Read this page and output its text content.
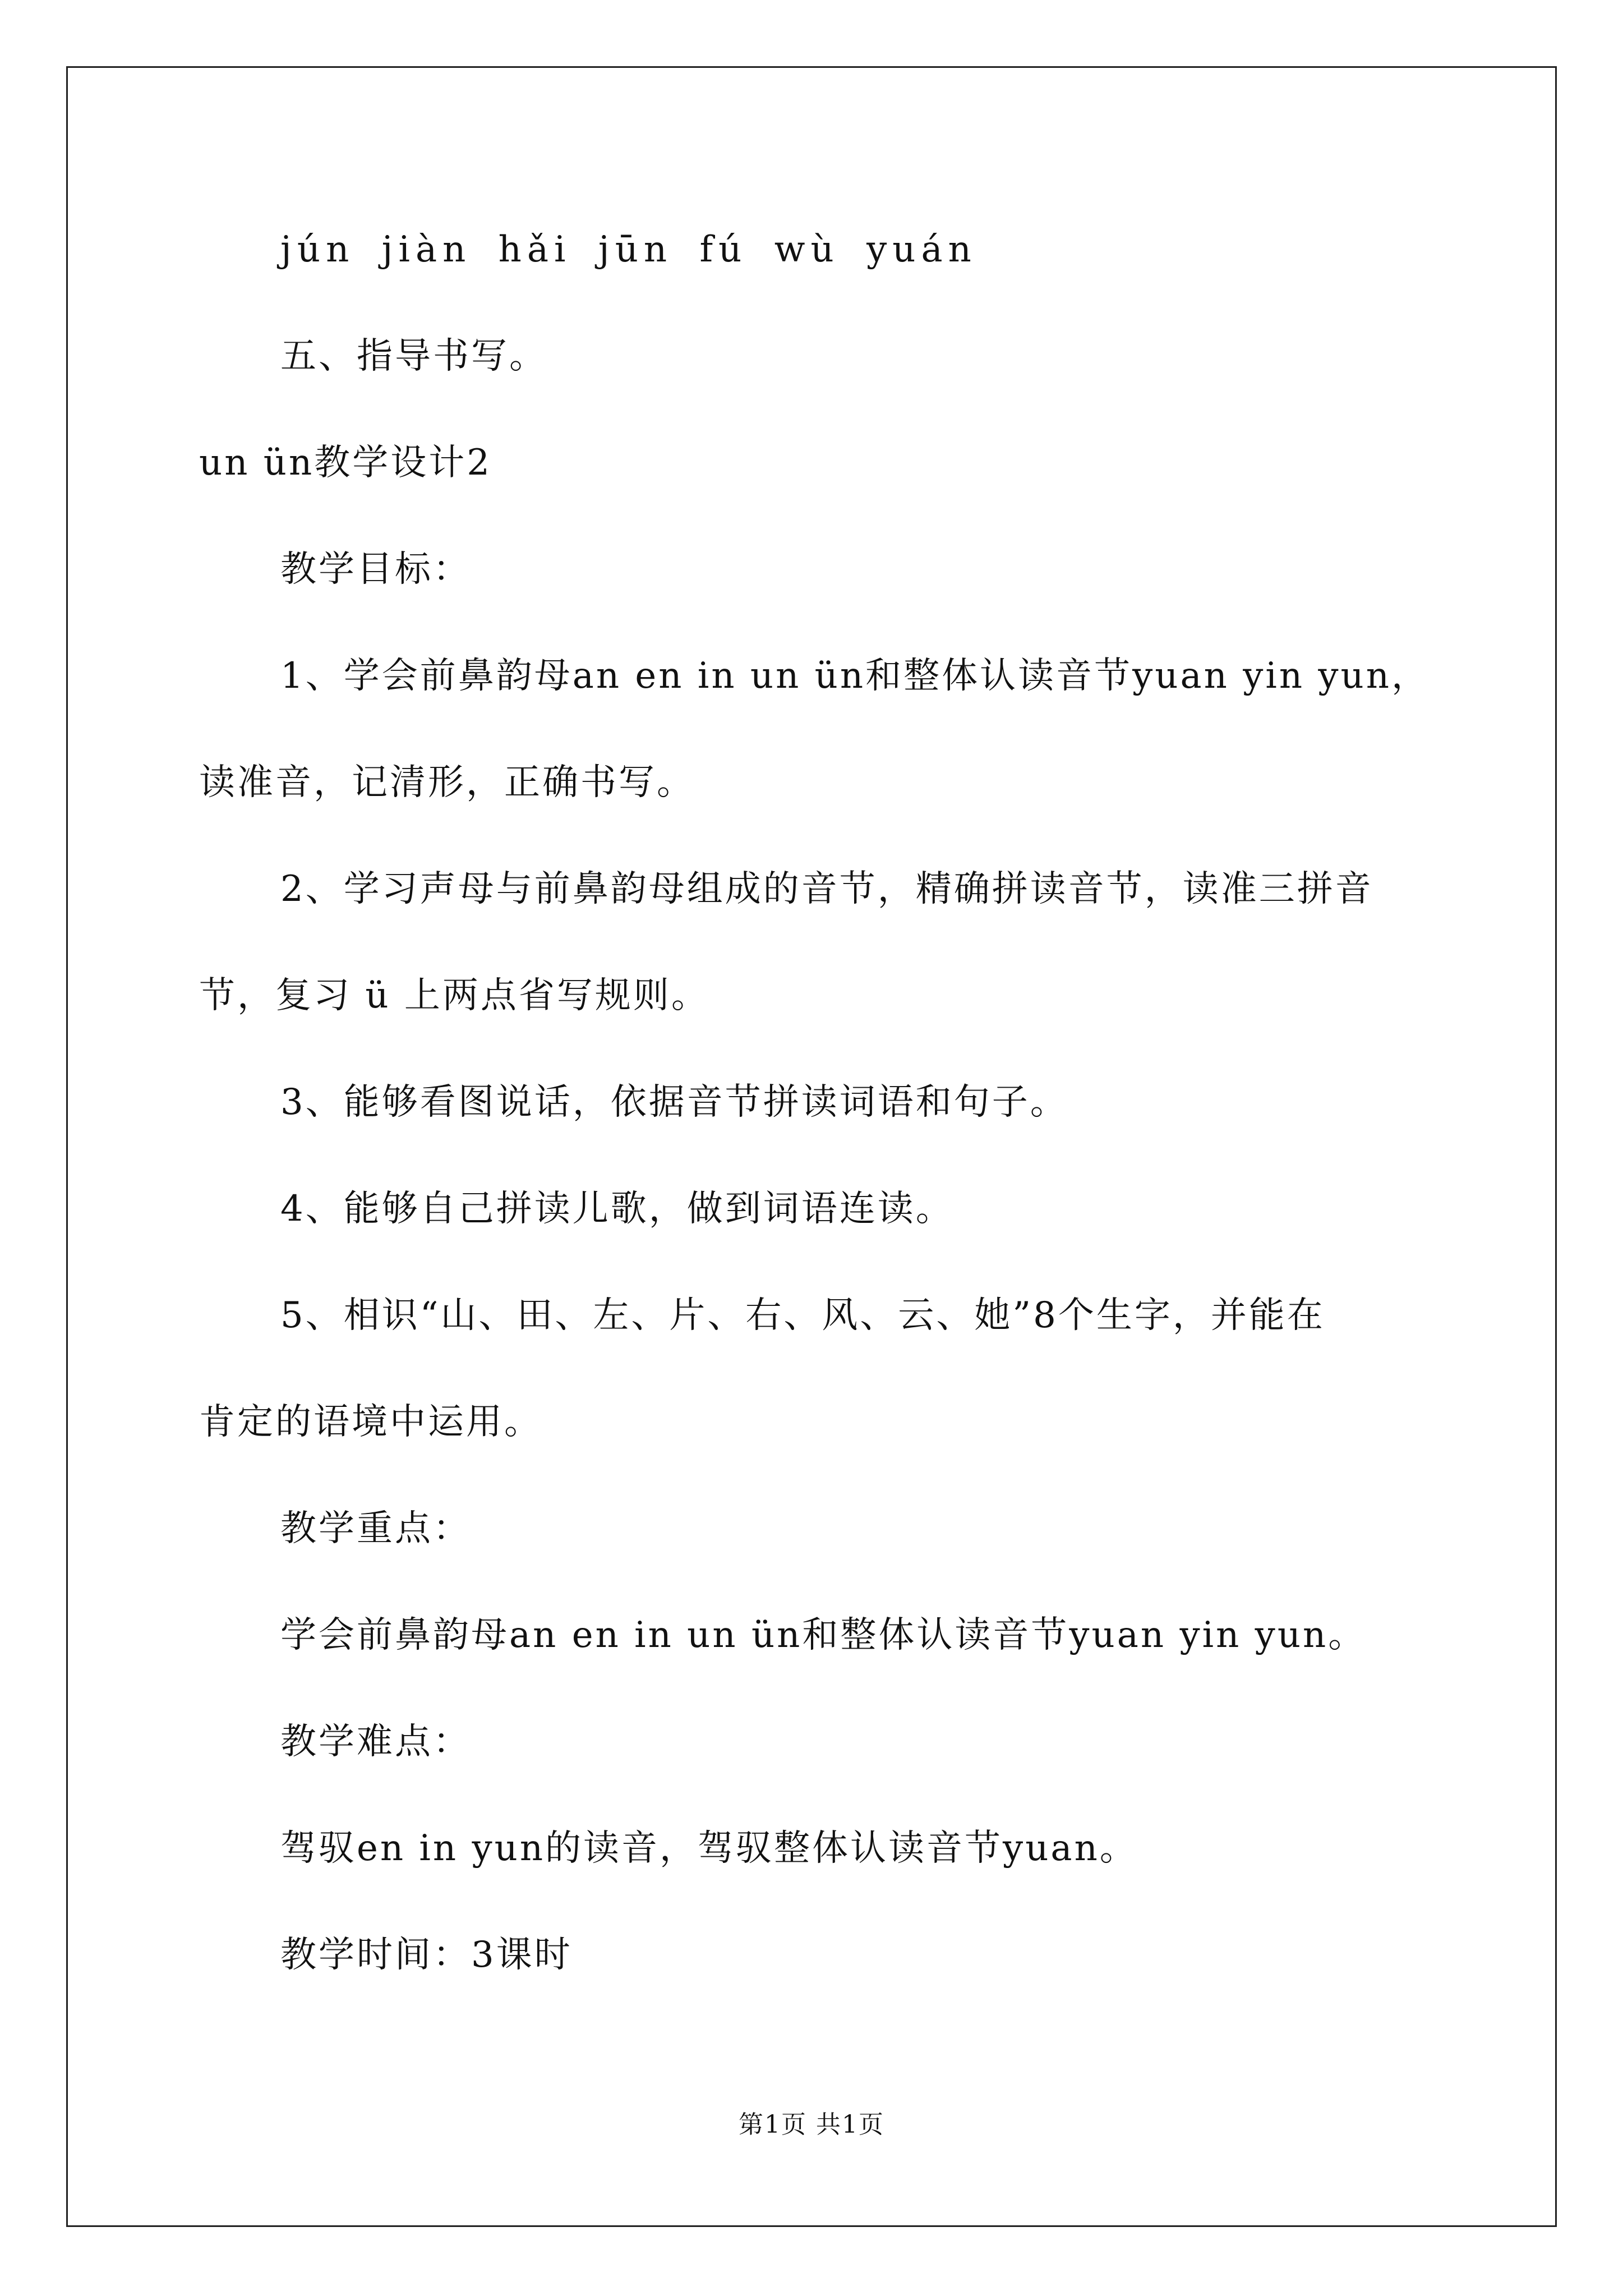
jún jiàn hǎi jūn fú wù yuán
五、指导书写。
un ün教学设计2
教学目标：
1、学会前鼻韵母an en in un ün和整体认读音节yuan yin yun，
读准音，记清形，正确书写。
2、学习声母与前鼻韵母组成的音节，精确拼读音节，读准三拼音
节，复习 ü 上两点省写规则。
3、能够看图说话，依据音节拼读词语和句子。
4、能够自己拼读儿歌，做到词语连读。
5、相识“山、田、左、片、右、风、云、她”8个生字，并能在
肯定的语境中运用。
教学重点：
学会前鼻韵母an en in un ün和整体认读音节yuan yin yun。
教学难点：
驾驭en in yun的读音，驾驭整体认读音节yuan。
教学时间：3课时
第1页 共1页
